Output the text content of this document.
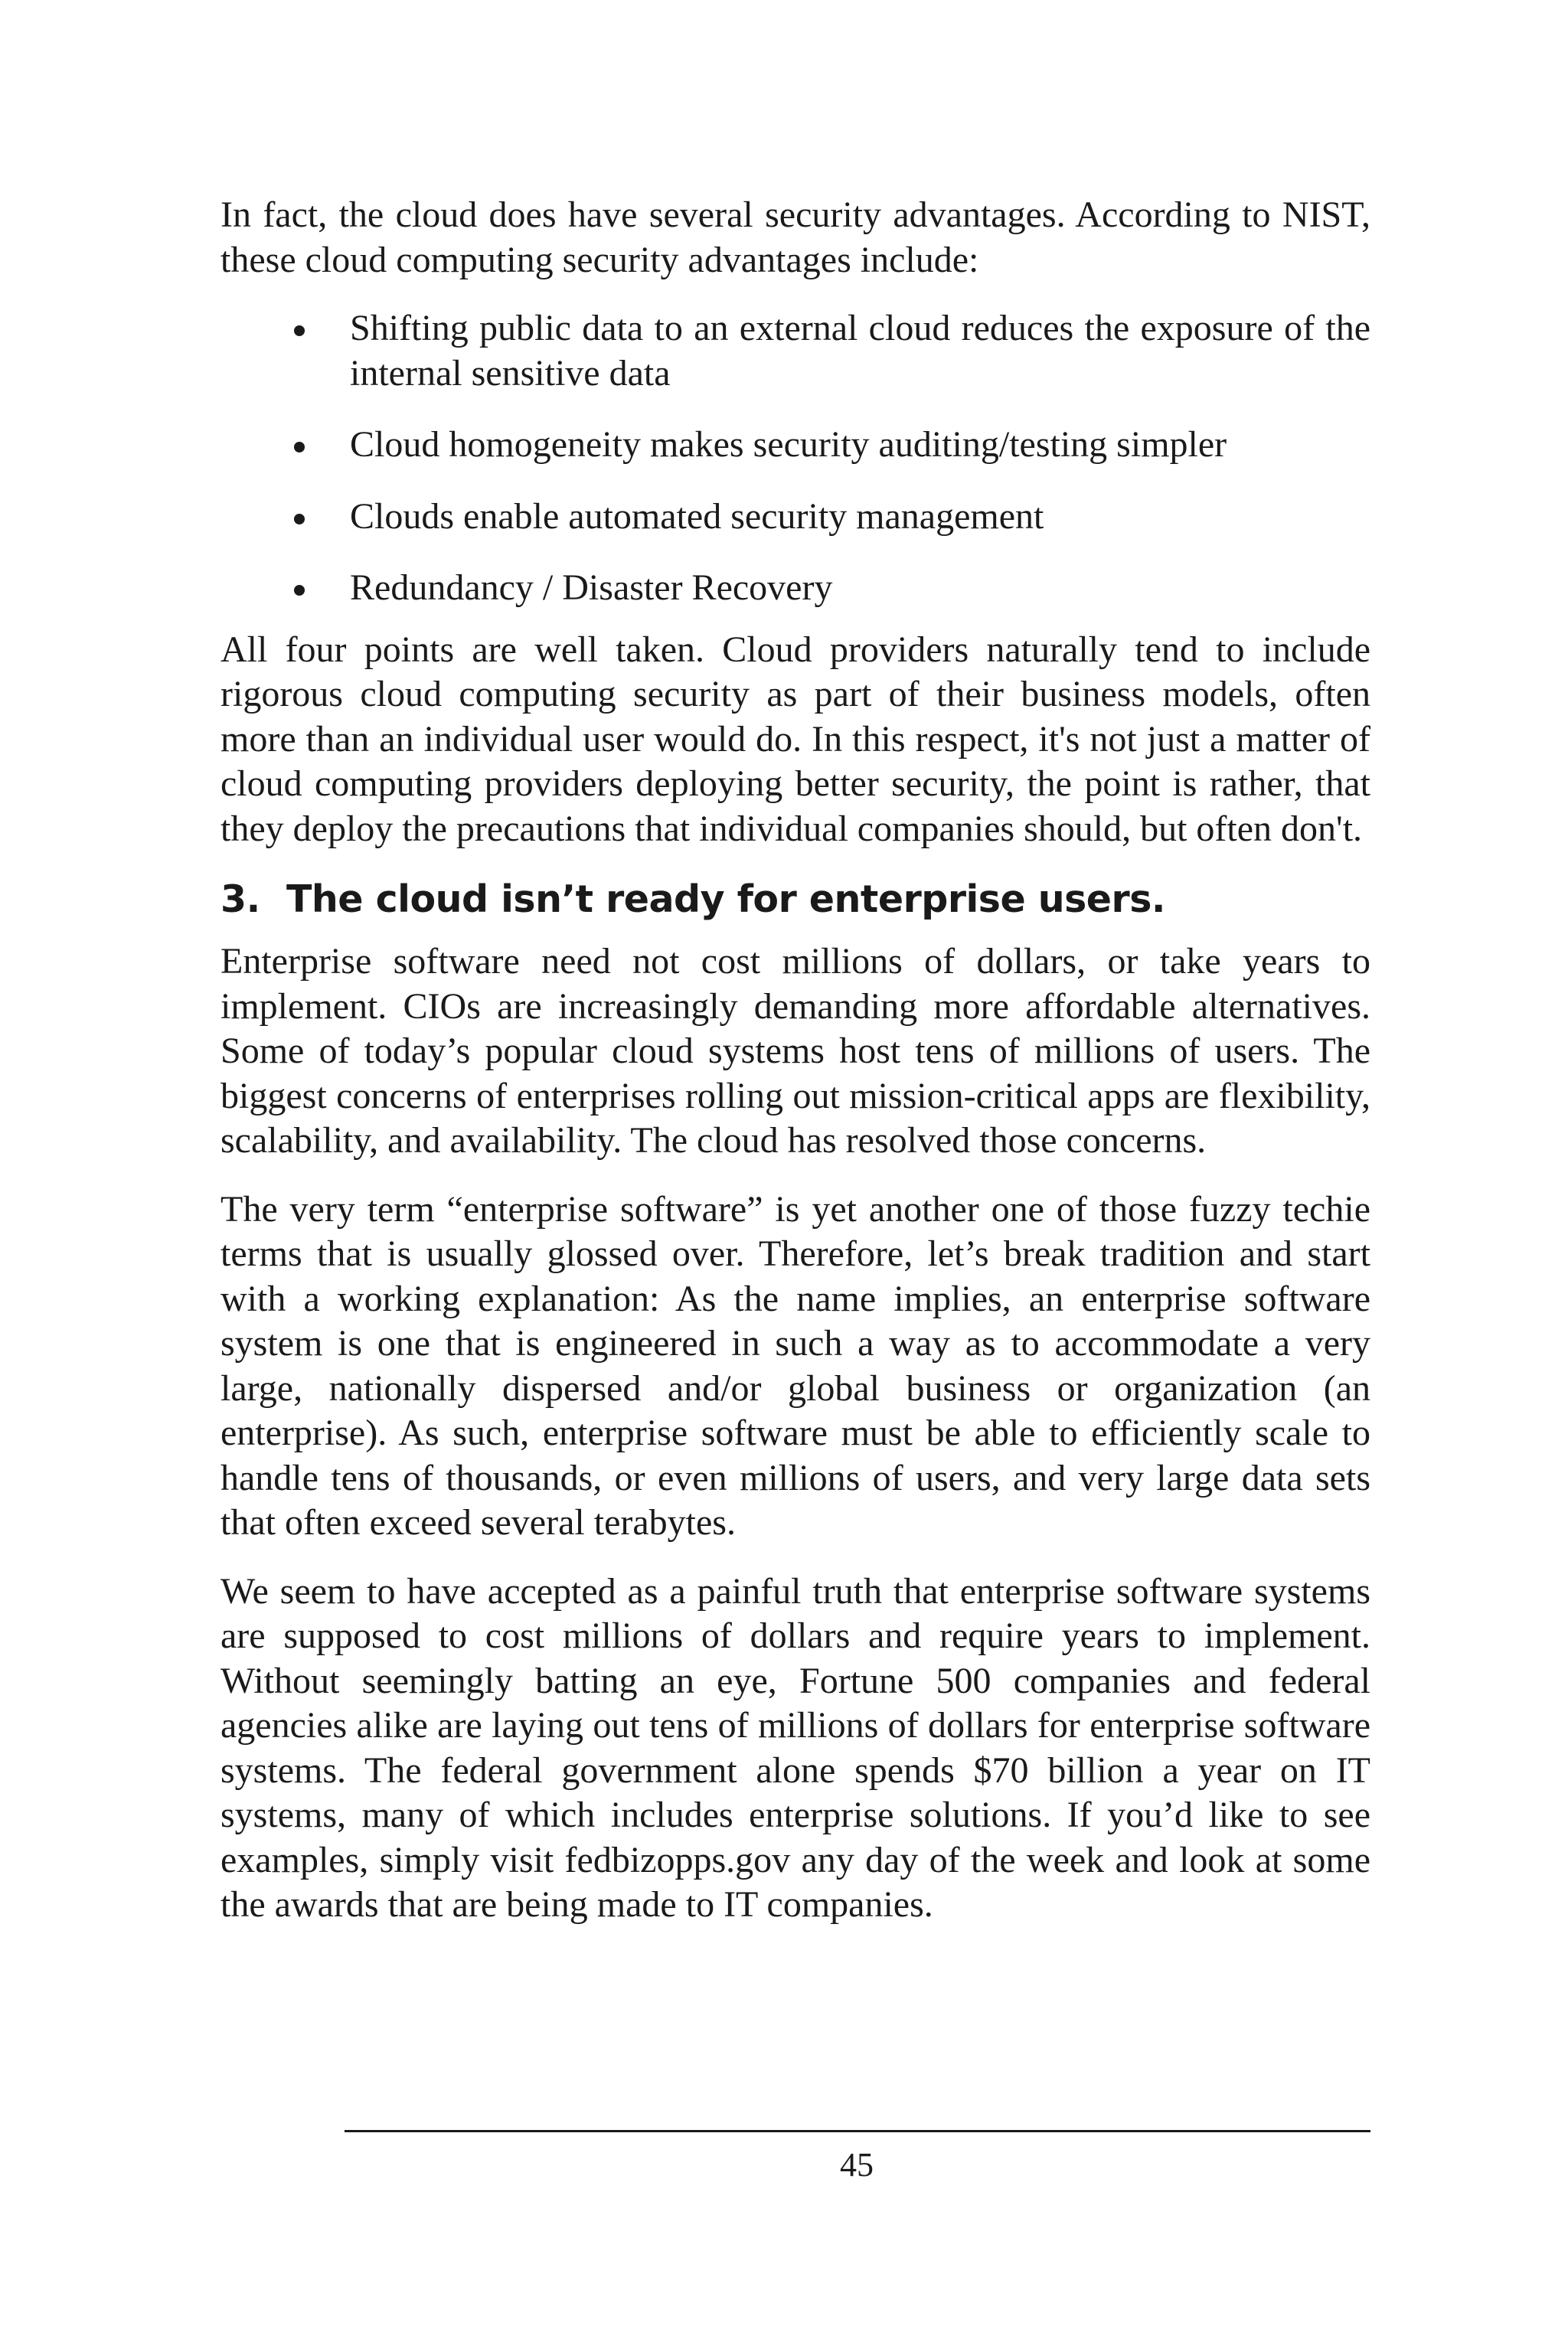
In fact, the cloud does have several security advantages. According to NIST, these cloud computing security advantages include:

Shifting public data to an external cloud reduces the exposure of the internal sensitive data
Cloud homogeneity makes security auditing/testing simpler
Clouds enable automated security management
Redundancy / Disaster Recovery

All four points are well taken. Cloud providers naturally tend to include rigorous cloud computing security as part of their business models, often more than an individual user would do. In this respect, it's not just a matter of cloud computing providers deploying better security, the point is rather, that they deploy the precautions that individual companies should, but often don't.

3. The cloud isn’t ready for enterprise users.

Enterprise software need not cost millions of dollars, or take years to implement. CIOs are increasingly demanding more affordable alternatives. Some of today’s popular cloud systems host tens of millions of users. The biggest concerns of enterprises rolling out mission-critical apps are flexibility, scalability, and availability. The cloud has resolved those concerns.

The very term “enterprise software” is yet another one of those fuzzy techie terms that is usually glossed over. Therefore, let’s break tradition and start with a working explanation: As the name implies, an enterprise software system is one that is engineered in such a way as to accommodate a very large, nationally dispersed and/or global business or organization (an enterprise). As such, enterprise software must be able to efficiently scale to handle tens of thousands, or even millions of users, and very large data sets that often exceed several terabytes.

We seem to have accepted as a painful truth that enterprise software systems are supposed to cost millions of dollars and require years to implement. Without seemingly batting an eye, Fortune 500 companies and federal agencies alike are laying out tens of millions of dollars for enterprise software systems. The federal government alone spends $70 billion a year on IT systems, many of which includes enterprise solutions. If you’d like to see examples, simply visit fedbizopps.gov any day of the week and look at some the awards that are being made to IT companies.

45
